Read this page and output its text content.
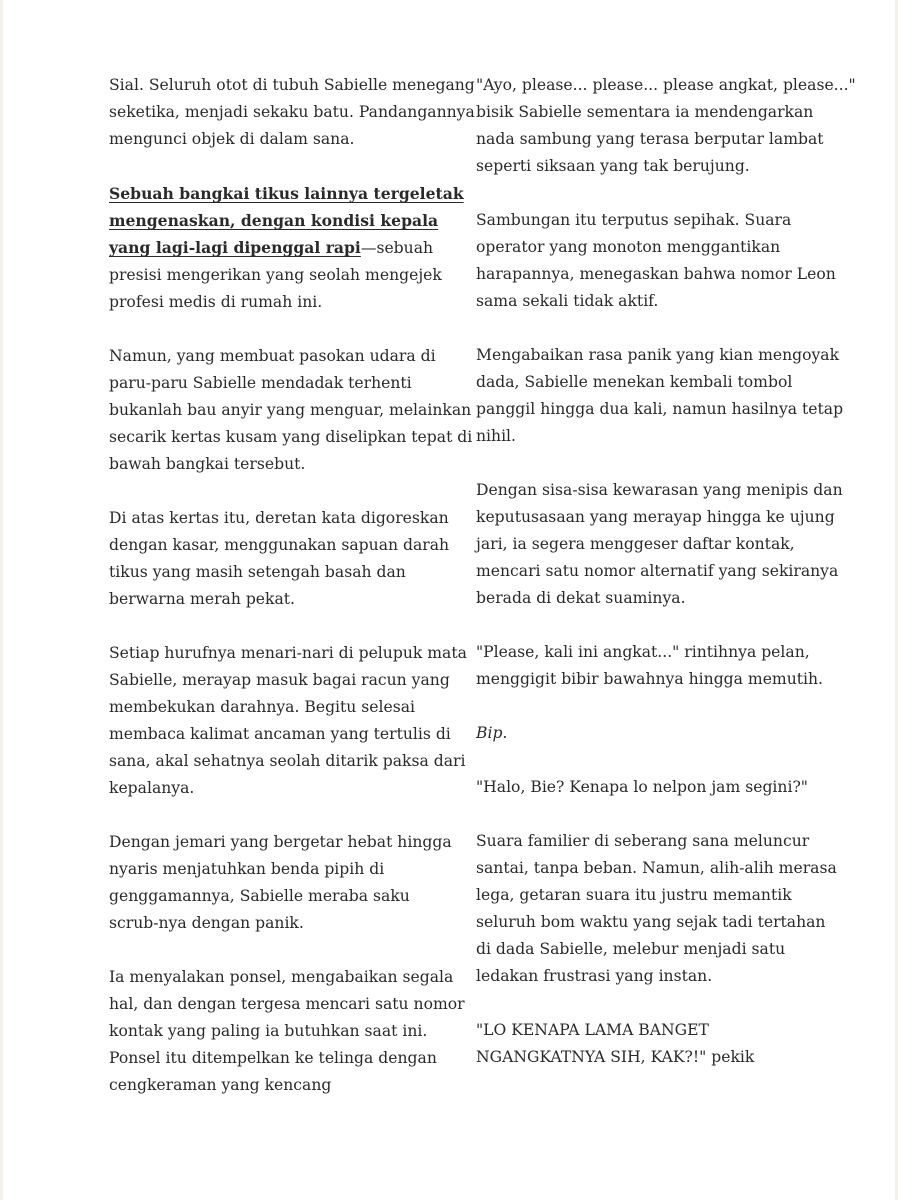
Sial. Seluruh otot di tubuh Sabielle menegang
seketika, menjadi sekaku batu. Pandangannya
mengunci objek di dalam sana.

Sebuah bangkai tikus lainnya tergeletak
mengenaskan, dengan kondisi kepala
yang lagi-lagi dipenggal rapi—sebuah
presisi mengerikan yang seolah mengejek
profesi medis di rumah ini.

Namun, yang membuat pasokan udara di
paru-paru Sabielle mendadak terhenti
bukanlah bau anyir yang menguar, melainkan
secarik kertas kusam yang diselipkan tepat di
bawah bangkai tersebut.

Di atas kertas itu, deretan kata digoreskan
dengan kasar, menggunakan sapuan darah
tikus yang masih setengah basah dan
berwarna merah pekat.

Setiap hurufnya menari-nari di pelupuk mata
Sabielle, merayap masuk bagai racun yang
membekukan darahnya. Begitu selesai
membaca kalimat ancaman yang tertulis di
sana, akal sehatnya seolah ditarik paksa dari
kepalanya.

Dengan jemari yang bergetar hebat hingga
nyaris menjatuhkan benda pipih di
genggamannya, Sabielle meraba saku
scrub-nya dengan panik.

Ia menyalakan ponsel, mengabaikan segala
hal, dan dengan tergesa mencari satu nomor
kontak yang paling ia butuhkan saat ini.
Ponsel itu ditempelkan ke telinga dengan
cengkeraman yang kencang

"Ayo, please... please... please angkat, please..."
bisik Sabielle sementara ia mendengarkan
nada sambung yang terasa berputar lambat
seperti siksaan yang tak berujung.

Sambungan itu terputus sepihak. Suara
operator yang monoton menggantikan
harapannya, menegaskan bahwa nomor Leon
sama sekali tidak aktif.

Mengabaikan rasa panik yang kian mengoyak
dada, Sabielle menekan kembali tombol
panggil hingga dua kali, namun hasilnya tetap
nihil.

Dengan sisa-sisa kewarasan yang menipis dan
keputusasaan yang merayap hingga ke ujung
jari, ia segera menggeser daftar kontak,
mencari satu nomor alternatif yang sekiranya
berada di dekat suaminya.

"Please, kali ini angkat..." rintihnya pelan,
menggigit bibir bawahnya hingga memutih.

Bip.

"Halo, Bie? Kenapa lo nelpon jam segini?"

Suara familier di seberang sana meluncur
santai, tanpa beban. Namun, alih-alih merasa
lega, getaran suara itu justru memantik
seluruh bom waktu yang sejak tadi tertahan
di dada Sabielle, melebur menjadi satu
ledakan frustrasi yang instan.

"LO KENAPA LAMA BANGET
NGANGKATNYA SIH, KAK?!" pekik
